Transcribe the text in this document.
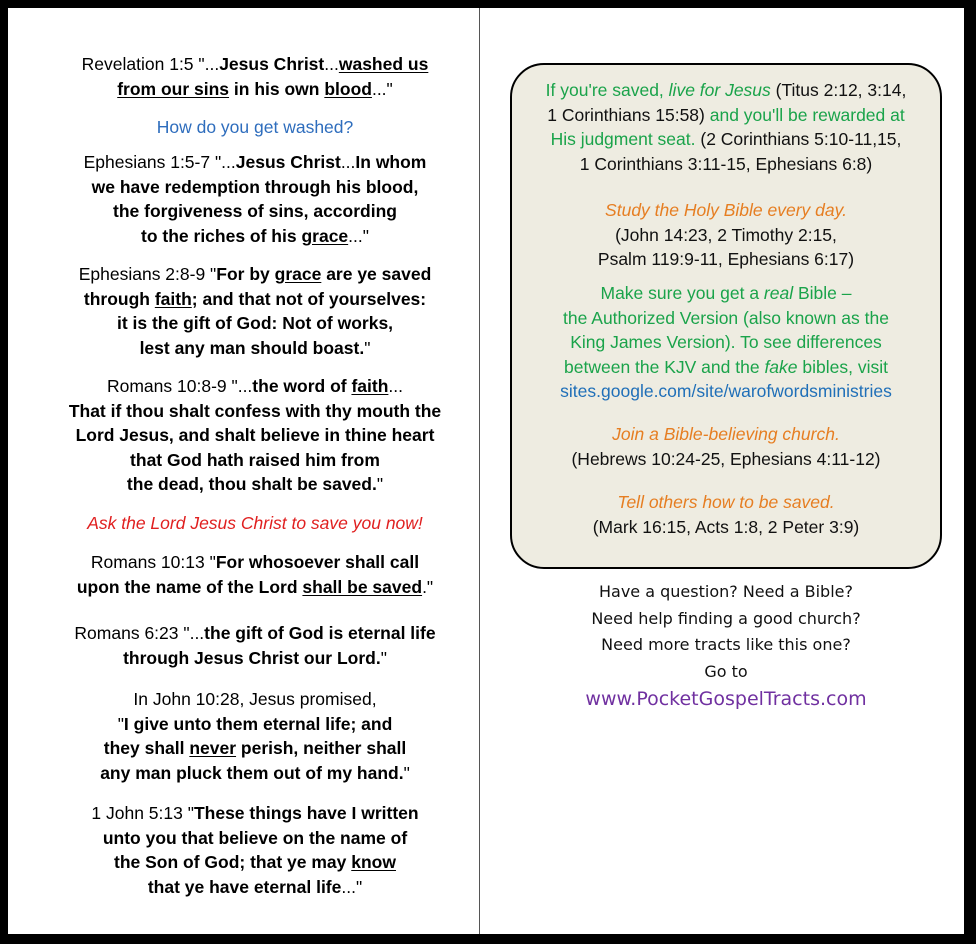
Revelation 1:5 "...Jesus Christ...washed us

from our sins in his own blood..."

How do you get washed?

Ephesians 1:5-7 "...Jesus Christ...In whom

we have redemption through his blood,

the forgiveness of sins, according

to the riches of his grace..."

Ephesians 2:8-9 "For by grace are ye saved

through faith; and that not of yourselves:

it is the gift of God: Not of works,

lest any man should boast."

Romans 10:8-9 "...the word of faith...

That if thou shalt confess with thy mouth the

Lord Jesus, and shalt believe in thine heart

that God hath raised him from

the dead, thou shalt be saved."

Ask the Lord Jesus Christ to save you now!

Romans 10:13 "For whosoever shall call

upon the name of the Lord shall be saved."

Romans 6:23 "...the gift of God is eternal life

through Jesus Christ our Lord."

In John 10:28, Jesus promised,

"I give unto them eternal life; and

they shall never perish, neither shall

any man pluck them out of my hand."

1 John 5:13 "These things have I written

unto you that believe on the name of

the Son of God; that ye may know

that ye have eternal life..."

If you're saved, live for Jesus (Titus 2:12, 3:14,

1 Corinthians 15:58) and you'll be rewarded at

His judgment seat. (2 Corinthians 5:10-11,15,

1 Corinthians 3:11-15, Ephesians 6:8)

Study the Holy Bible every day.

(John 14:23, 2 Timothy 2:15,

Psalm 119:9-11, Ephesians 6:17)

Make sure you get a real Bible –

the Authorized Version (also known as the

King James Version). To see differences

between the KJV and the fake bibles, visit

sites.google.com/site/warofwordsministries

Join a Bible-believing church.

(Hebrews 10:24-25, Ephesians 4:11-12)

Tell others how to be saved.

(Mark 16:15, Acts 1:8, 2 Peter 3:9)

Have a question? Need a Bible?

Need help finding a good church?

Need more tracts like this one?

Go to

www.PocketGospelTracts.com
